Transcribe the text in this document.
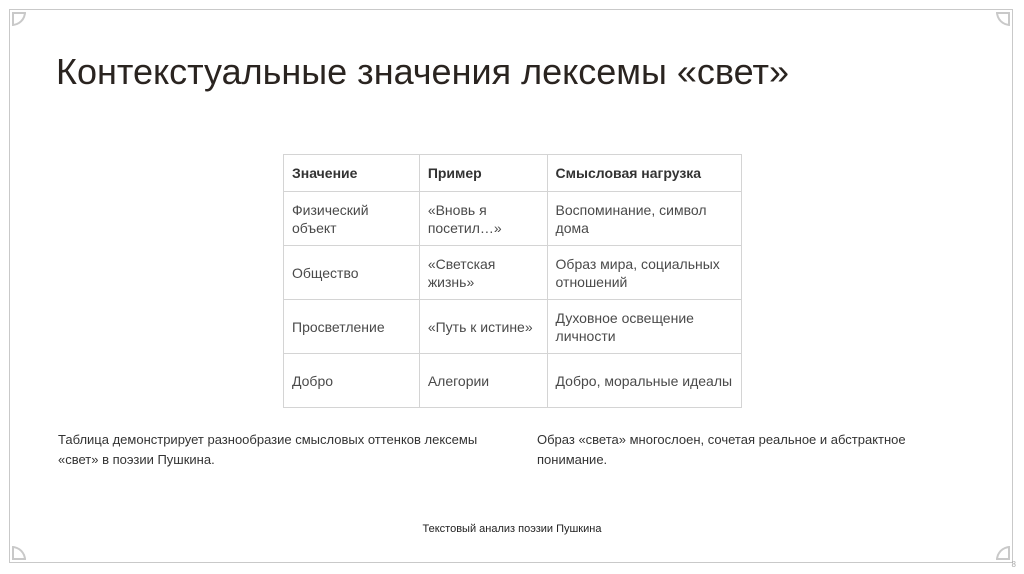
Контекстуальные значения лексемы «свет»
Значение	Пример	Смысловая нагрузка
Физический объект	«Вновь я посетил…»	Воспоминание, символ дома
Общество	«Светская жизнь»	Образ мира, социальных отношений
Просветление	«Путь к истине»	Духовное освещение личности
Добро	Алегории	Добро, моральные идеалы

Таблица демонстрирует разнообразие смысловых оттенков лексемы «свет» в поэзии Пушкина.

Образ «света» многослоен, сочетая реальное и абстрактное понимание.

Текстовый анализ поэзии Пушкина
8
